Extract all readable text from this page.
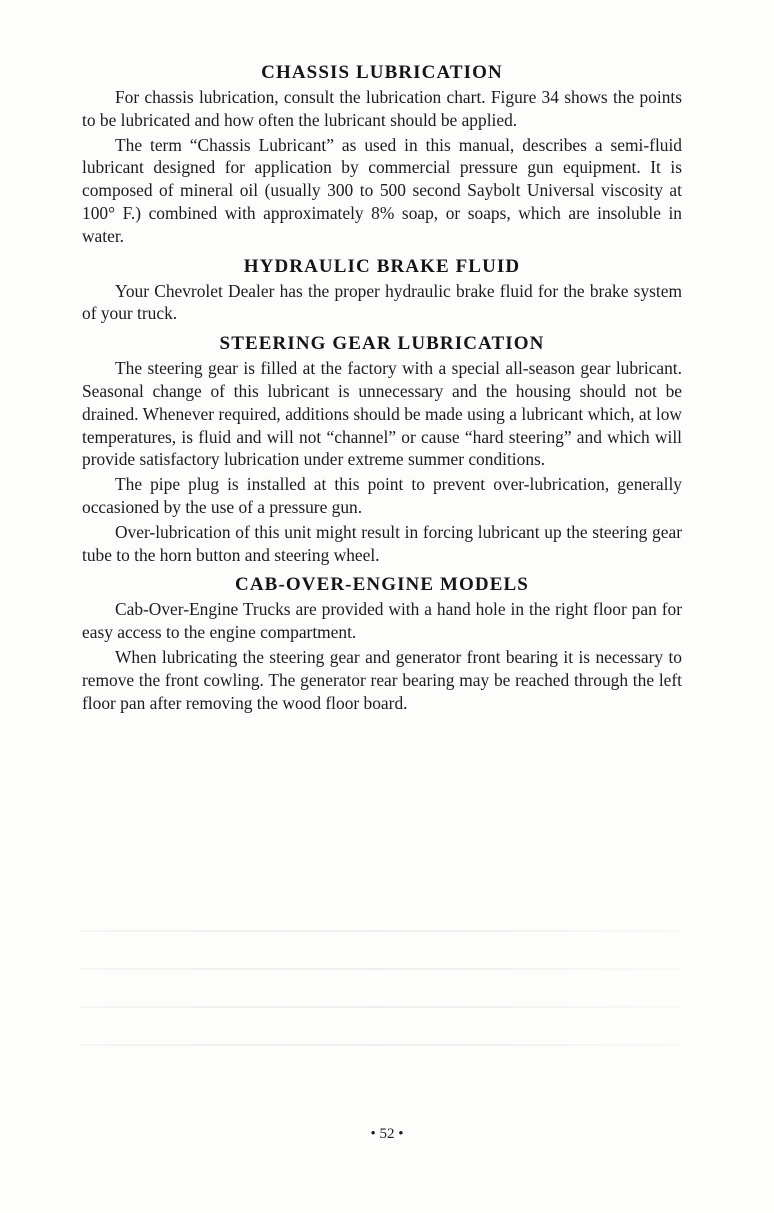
CHASSIS LUBRICATION

For chassis lubrication, consult the lubrication chart. Figure 34 shows the points to be lubricated and how often the lubricant should be applied.

The term “Chassis Lubricant” as used in this manual, describes a semi-fluid lubricant designed for application by commercial pressure gun equipment. It is composed of mineral oil (usually 300 to 500 second Saybolt Universal viscosity at 100° F.) combined with approximately 8% soap, or soaps, which are insoluble in water.

HYDRAULIC BRAKE FLUID

Your Chevrolet Dealer has the proper hydraulic brake fluid for the brake system of your truck.

STEERING GEAR LUBRICATION

The steering gear is filled at the factory with a special all-season gear lubricant. Seasonal change of this lubricant is unnecessary and the housing should not be drained. Whenever required, additions should be made using a lubricant which, at low temperatures, is fluid and will not “channel” or cause “hard steering” and which will provide satisfactory lubrication under extreme summer conditions.

The pipe plug is installed at this point to prevent over-lubrication, generally occasioned by the use of a pressure gun.

Over-lubrication of this unit might result in forcing lubricant up the steering gear tube to the horn button and steering wheel.

CAB-OVER-ENGINE MODELS

Cab-Over-Engine Trucks are provided with a hand hole in the right floor pan for easy access to the engine compartment.

When lubricating the steering gear and generator front bearing it is necessary to remove the front cowling. The generator rear bearing may be reached through the left floor pan after removing the wood floor board.

• 52 •
